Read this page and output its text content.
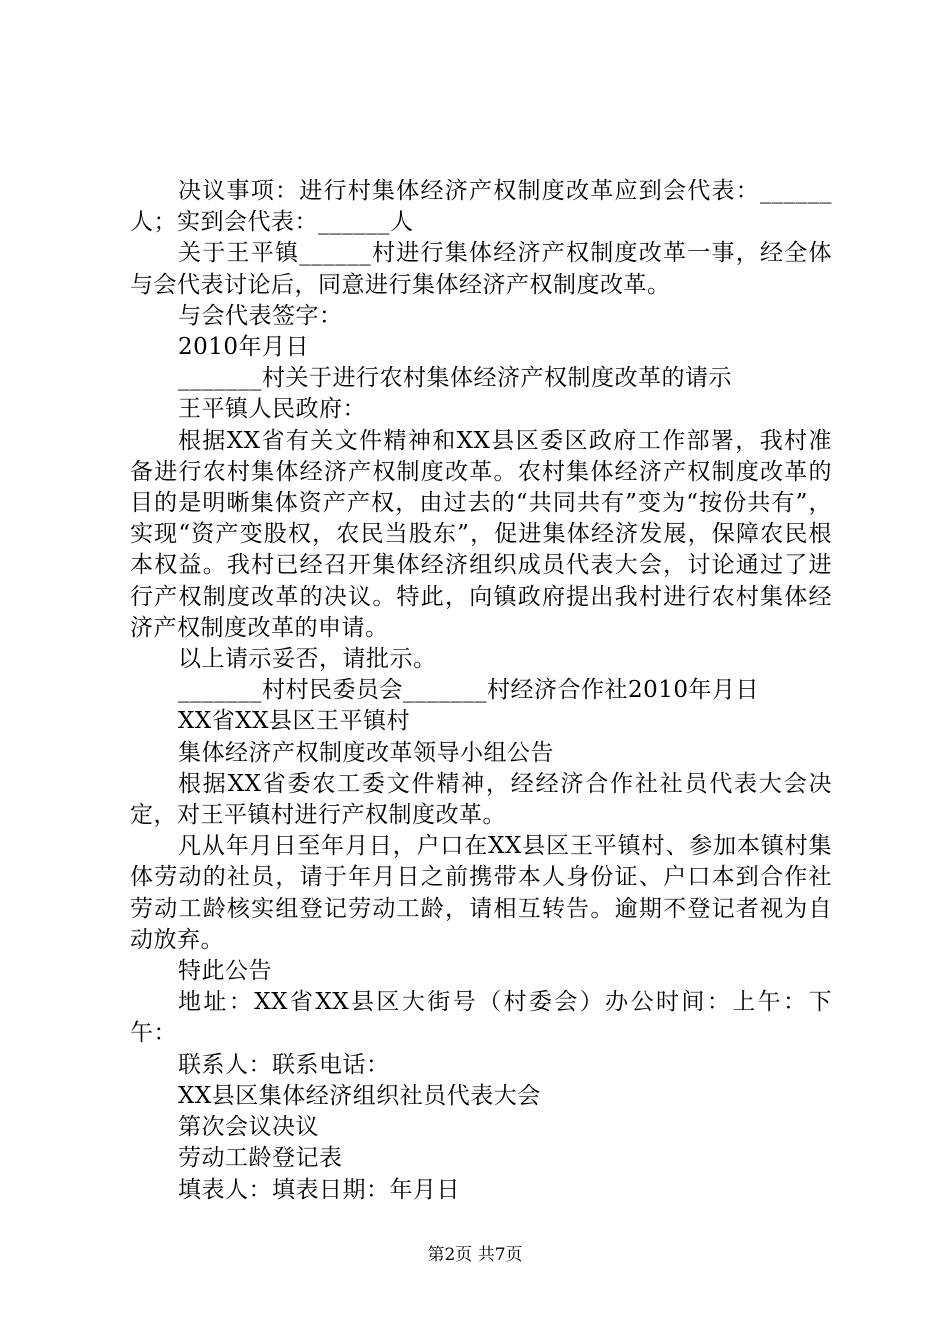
决议事项：进行村集体经济产权制度改革应到会代表：______人；实到会代表：______人

关于王平镇______村进行集体经济产权制度改革一事，经全体与会代表讨论后，同意进行集体经济产权制度改革。

与会代表签字：

2010年月日

_______村关于进行农村集体经济产权制度改革的请示

王平镇人民政府：

根据XX省有关文件精神和XX县区委区政府工作部署，我村准备进行农村集体经济产权制度改革。农村集体经济产权制度改革的目的是明晰集体资产产权，由过去的“共同共有”变为“按份共有”，实现“资产变股权，农民当股东”，促进集体经济发展，保障农民根本权益。我村已经召开集体经济组织成员代表大会，讨论通过了进行产权制度改革的决议。特此，向镇政府提出我村进行农村集体经济产权制度改革的申请。

以上请示妥否，请批示。

_______村村民委员会_______村经济合作社2010年月日

XX省XX县区王平镇村

集体经济产权制度改革领导小组公告

根据XX省委农工委文件精神，经经济合作社社员代表大会决定，对王平镇村进行产权制度改革。

凡从年月日至年月日，户口在XX县区王平镇村、参加本镇村集体劳动的社员，请于年月日之前携带本人身份证、户口本到合作社劳动工龄核实组登记劳动工龄，请相互转告。逾期不登记者视为自动放弃。

特此公告

地址：XX省XX县区大街号（村委会）办公时间：上午：下午：

联系人：联系电话：

XX县区集体经济组织社员代表大会

第次会议决议

劳动工龄登记表

填表人：填表日期：年月日

第2页 共7页
